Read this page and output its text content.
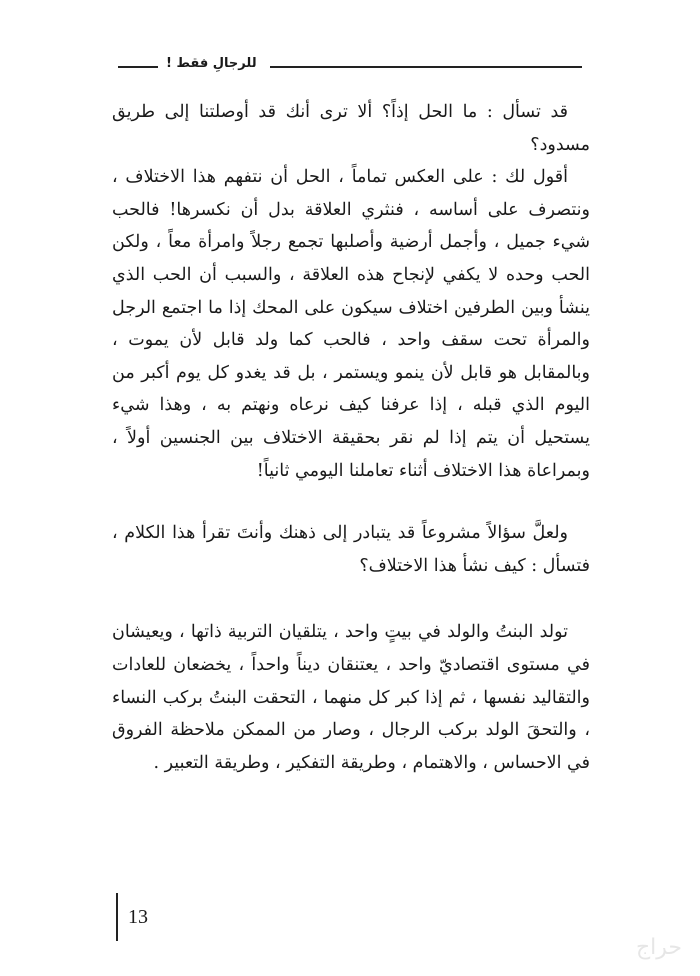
للرجالِ فقط !

قد تسأل : ما الحل إذاً؟ ألا ترى أنك قد أوصلتنا إلى طريق مسدود؟

أقول لك : على العكس تماماً ، الحل أن نتفهم هذا الاختلاف ، ونتصرف على أساسه ، فنثري العلاقة بدل أن نكسرها! فالحب شيء جميل ، وأجمل أرضية وأصلبها تجمع رجلاً وامرأة معاً ، ولكن الحب وحده لا يكفي لإنجاح هذه العلاقة ، والسبب أن الحب الذي ينشأ وبين الطرفين اختلاف سيكون على المحك إذا ما اجتمع الرجل والمرأة تحت سقف واحد ، فالحب كما ولد قابل لأن يموت ، وبالمقابل هو قابل لأن ينمو ويستمر ، بل قد يغدو كل يوم أكبر من اليوم الذي قبله ، إذا عرفنا كيف نرعاه ونهتم به ، وهذا شيء يستحيل أن يتم إذا لم نقر بحقيقة الاختلاف بين الجنسين أولاً ، وبمراعاة هذا الاختلاف أثناء تعاملنا اليومي ثانياً!

ولعلَّ سؤالاً مشروعاً قد يتبادر إلى ذهنك وأنتَ تقرأ هذا الكلام ، فتسأل : كيف نشأ هذا الاختلاف؟

تولد البنتُ والولد في بيتٍ واحد ، يتلقيان التربية ذاتها ، ويعيشان في مستوى اقتصاديّ واحد ، يعتنقان ديناً واحداً ، يخضعان للعادات والتقاليد نفسها ، ثم إذا كبر كل منهما ، التحقت البنتُ بركب النساء ، والتحقَ الولد بركب الرجال ، وصار من الممكن ملاحظة الفروق في الاحساس ، والاهتمام ، وطريقة التفكير ، وطريقة التعبير .

13
حراج
